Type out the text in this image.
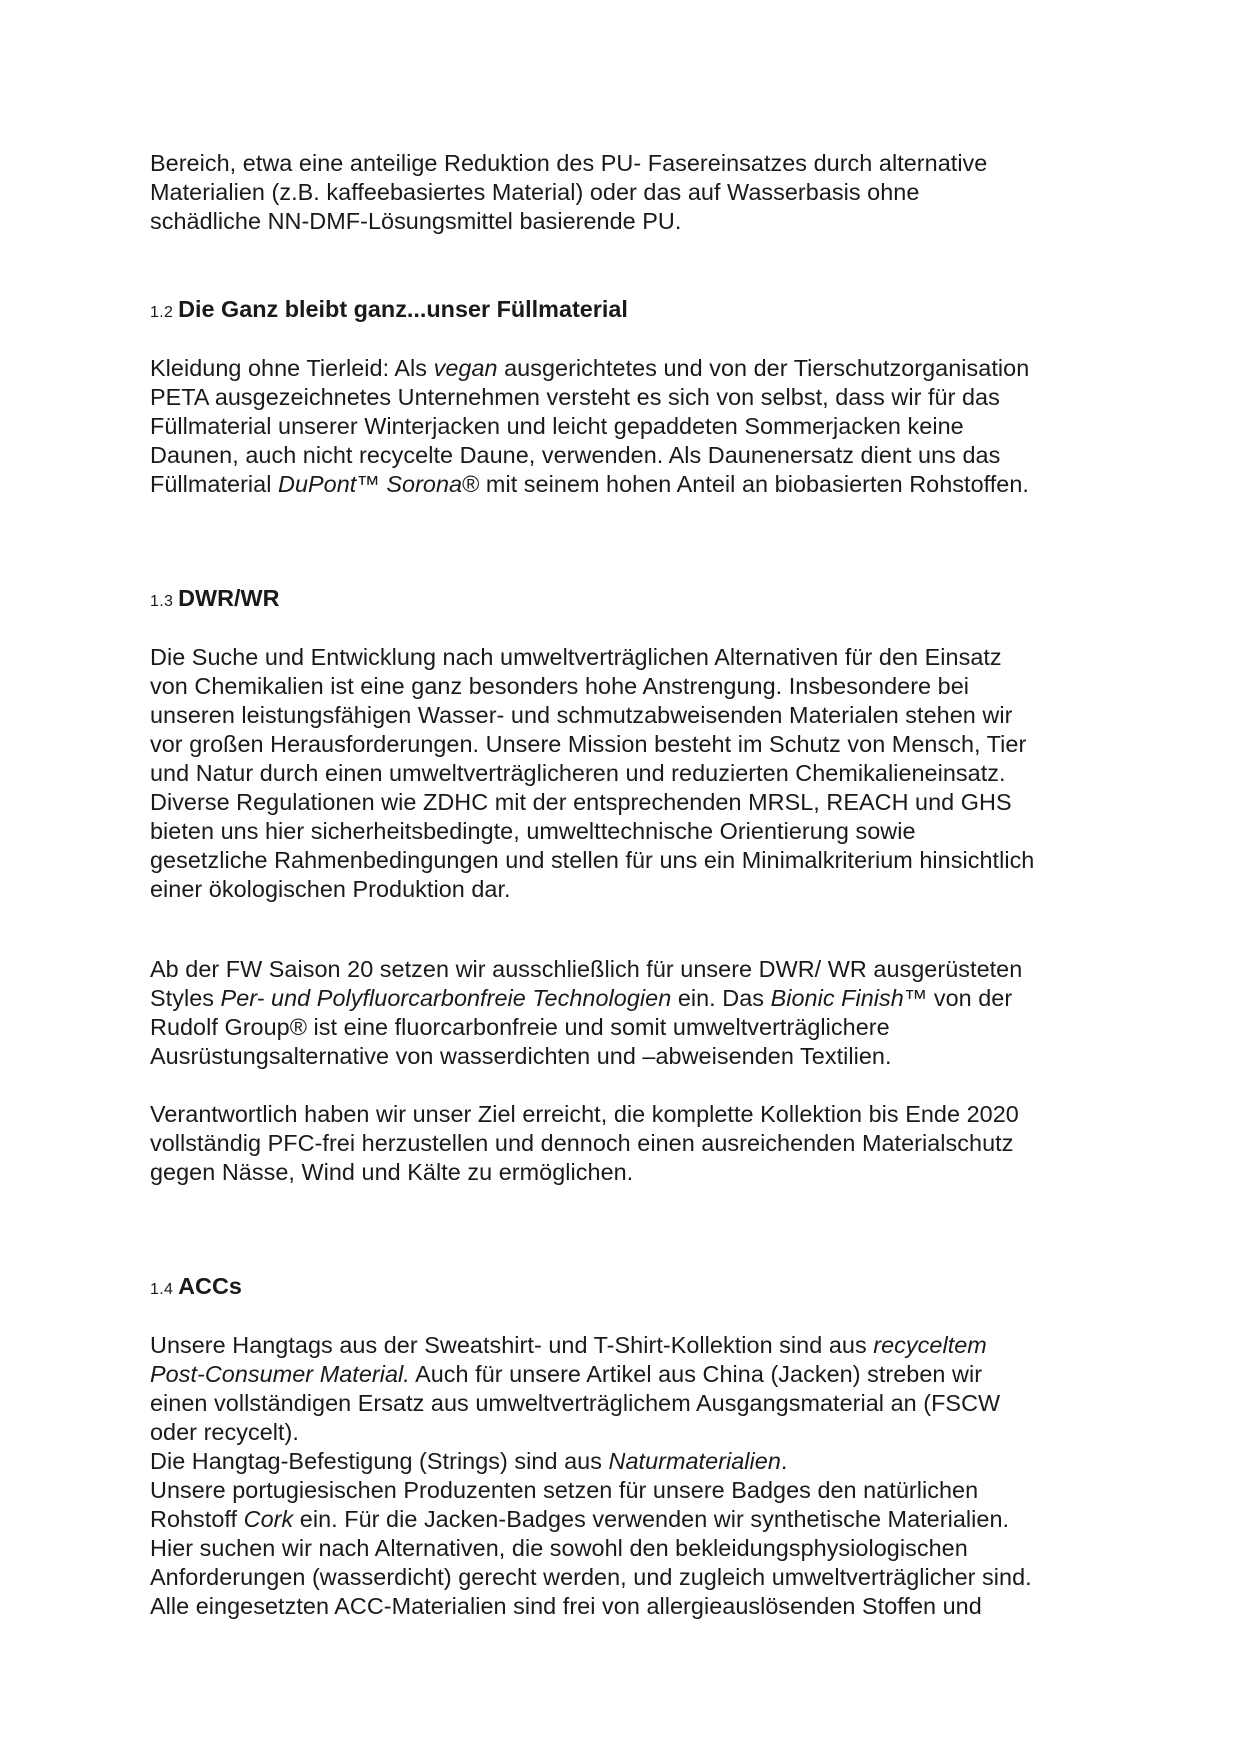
Bereich, etwa eine anteilige Reduktion des PU- Fasereinsatzes durch alternative
Materialien (z.B. kaffeebasiertes Material) oder das auf Wasserbasis ohne
schädliche NN-DMF-Lösungsmittel basierende PU.
1.2 Die Ganz bleibt ganz...unser Füllmaterial
Kleidung ohne Tierleid: Als vegan ausgerichtetes und von der Tierschutzorganisation
PETA ausgezeichnetes Unternehmen versteht es sich von selbst, dass wir für das
Füllmaterial unserer Winterjacken und leicht gepaddeten Sommerjacken keine
Daunen, auch nicht recycelte Daune, verwenden. Als Daunenersatz dient uns das
Füllmaterial DuPont™ Sorona® mit seinem hohen Anteil an biobasierten Rohstoffen.
1.3 DWR/WR
Die Suche und Entwicklung nach umweltverträglichen Alternativen für den Einsatz
von Chemikalien ist eine ganz besonders hohe Anstrengung. Insbesondere bei
unseren leistungsfähigen Wasser- und schmutzabweisenden Materialen stehen wir
vor großen Herausforderungen. Unsere Mission besteht im Schutz von Mensch, Tier
und Natur durch einen umweltverträglicheren und reduzierten Chemikalieneinsatz.
Diverse Regulationen wie ZDHC mit der entsprechenden MRSL, REACH und GHS
bieten uns hier sicherheitsbedingte, umwelttechnische Orientierung sowie
gesetzliche Rahmenbedingungen und stellen für uns ein Minimalkriterium hinsichtlich
einer ökologischen Produktion dar.
Ab der FW Saison 20 setzen wir ausschließlich für unsere DWR/ WR ausgerüsteten
Styles Per- und Polyfluorcarbonfreie Technologien ein. Das Bionic Finish™ von der
Rudolf Group® ist eine fluorcarbonfreie und somit umweltverträglichere
Ausrüstungsalternative von wasserdichten und –abweisenden Textilien.
Verantwortlich haben wir unser Ziel erreicht, die komplette Kollektion bis Ende 2020
vollständig PFC-frei herzustellen und dennoch einen ausreichenden Materialschutz
gegen Nässe, Wind und Kälte zu ermöglichen.
1.4 ACCs
Unsere Hangtags aus der Sweatshirt- und T-Shirt-Kollektion sind aus recyceltem
Post-Consumer Material. Auch für unsere Artikel aus China (Jacken) streben wir
einen vollständigen Ersatz aus umweltverträglichem Ausgangsmaterial an (FSCW
oder recycelt).
Die Hangtag-Befestigung (Strings) sind aus Naturmaterialien.
Unsere portugiesischen Produzenten setzen für unsere Badges den natürlichen
Rohstoff Cork ein. Für die Jacken-Badges verwenden wir synthetische Materialien.
Hier suchen wir nach Alternativen, die sowohl den bekleidungsphysiologischen
Anforderungen (wasserdicht) gerecht werden, und zugleich umweltverträglicher sind.
Alle eingesetzten ACC-Materialien sind frei von allergieauslösenden Stoffen und
